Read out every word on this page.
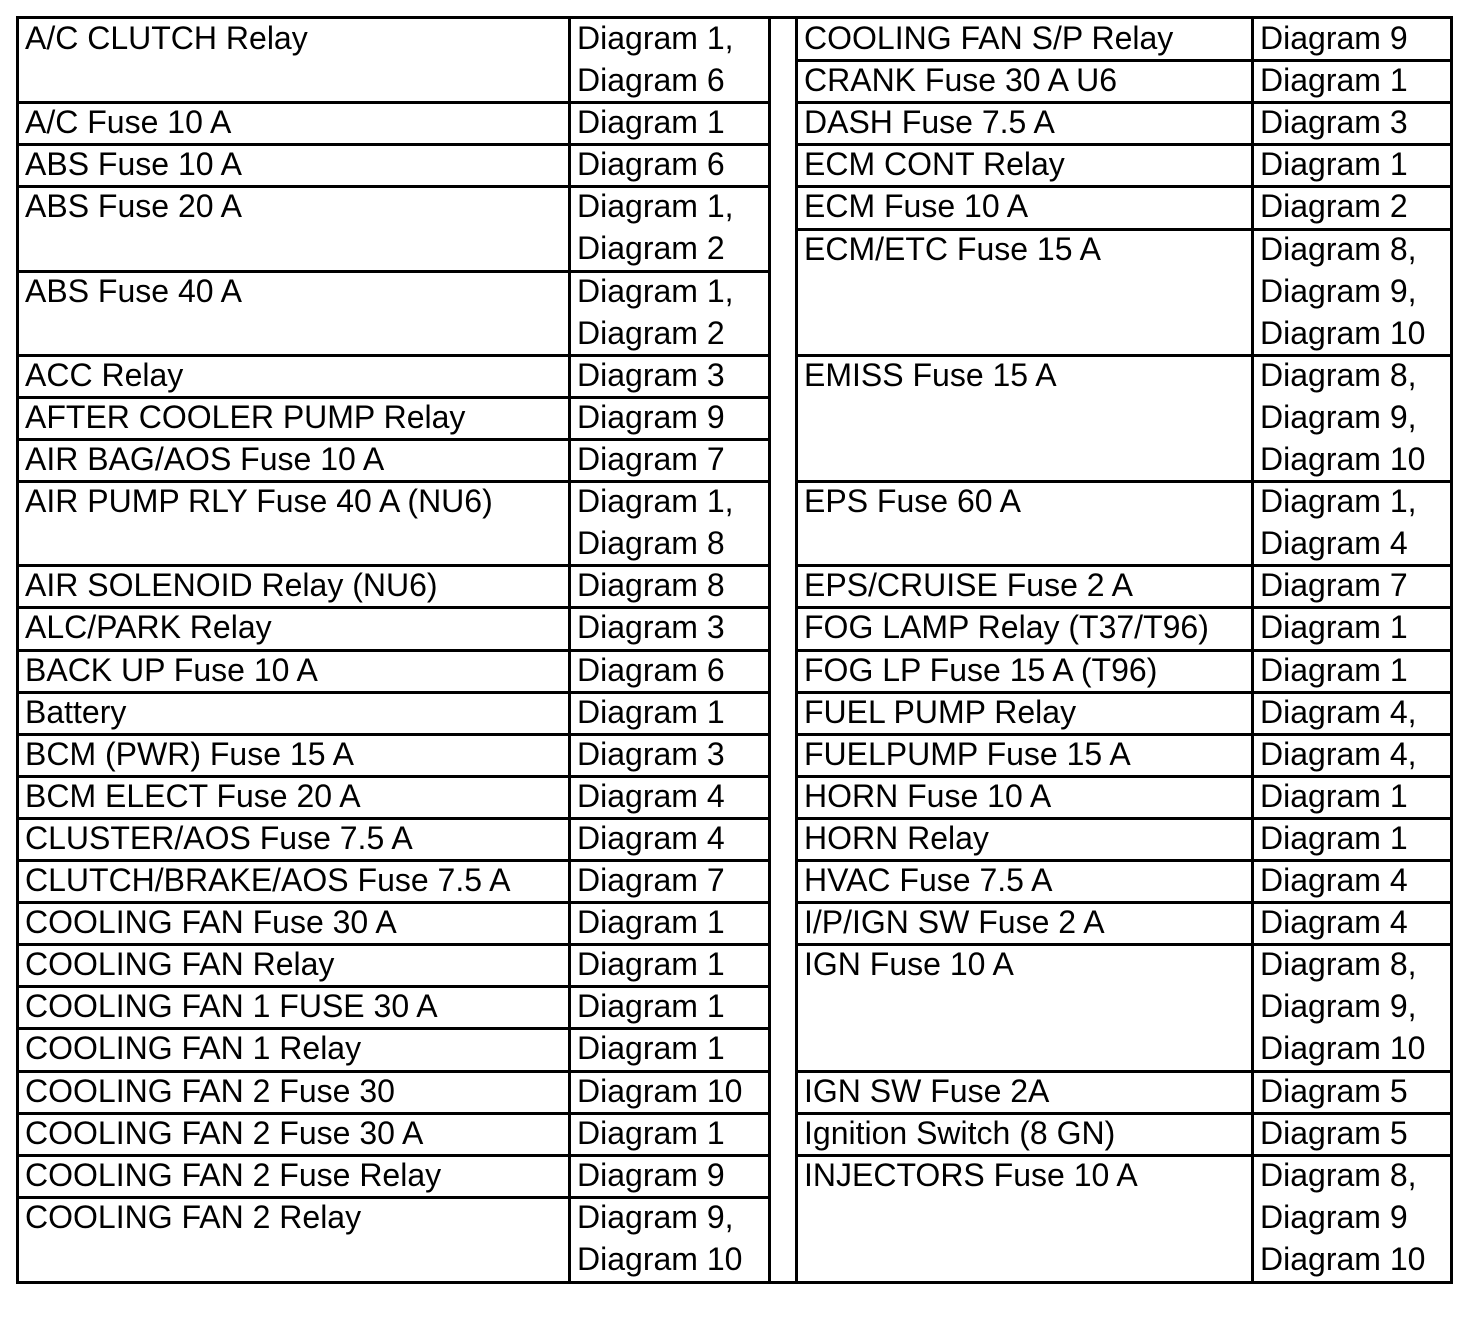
A/C CLUTCH Relay	Diagram 1,
Diagram 6
A/C Fuse 10 A	Diagram 1
ABS Fuse 10 A	Diagram 6
ABS Fuse 20 A	Diagram 1,
Diagram 2
ABS Fuse 40 A	Diagram 1,
Diagram 2
ACC Relay	Diagram 3
AFTER COOLER PUMP Relay	Diagram 9
AIR BAG/AOS Fuse 10 A	Diagram 7
AIR PUMP RLY Fuse 40 A (NU6)	Diagram 1,
Diagram 8
AIR SOLENOID Relay (NU6)	Diagram 8
ALC/PARK Relay	Diagram 3
BACK UP Fuse 10 A	Diagram 6
Battery	Diagram 1
BCM (PWR) Fuse 15 A	Diagram 3
BCM ELECT Fuse 20 A	Diagram 4
CLUSTER/AOS Fuse 7.5 A	Diagram 4
CLUTCH/BRAKE/AOS Fuse 7.5 A	Diagram 7
COOLING FAN Fuse 30 A	Diagram 1
COOLING FAN Relay	Diagram 1
COOLING FAN 1 FUSE 30 A	Diagram 1
COOLING FAN 1 Relay	Diagram 1
COOLING FAN 2 Fuse 30	Diagram 10
COOLING FAN 2 Fuse 30 A	Diagram 1
COOLING FAN 2 Fuse Relay	Diagram 9
COOLING FAN 2 Relay	Diagram 9,
Diagram 10
COOLING FAN S/P Relay	Diagram 9
CRANK Fuse 30 A U6	Diagram 1
DASH Fuse 7.5 A	Diagram 3
ECM CONT Relay	Diagram 1
ECM Fuse 10 A	Diagram 2
ECM/ETC Fuse 15 A	Diagram 8,
Diagram 9,
Diagram 10
EMISS Fuse 15 A	Diagram 8,
Diagram 9,
Diagram 10
EPS Fuse 60 A	Diagram 1,
Diagram 4
EPS/CRUISE Fuse 2 A	Diagram 7
FOG LAMP Relay (T37/T96)	Diagram 1
FOG LP Fuse 15 A (T96)	Diagram 1
FUEL PUMP Relay	Diagram 4,
FUELPUMP Fuse 15 A	Diagram 4,
HORN Fuse 10 A	Diagram 1
HORN Relay	Diagram 1
HVAC Fuse 7.5 A	Diagram 4
I/P/IGN SW Fuse 2 A	Diagram 4
IGN Fuse 10 A	Diagram 8,
Diagram 9,
Diagram 10
IGN SW Fuse 2A	Diagram 5
Ignition Switch (8 GN)	Diagram 5
INJECTORS Fuse 10 A	Diagram 8,
Diagram 9
Diagram 10
